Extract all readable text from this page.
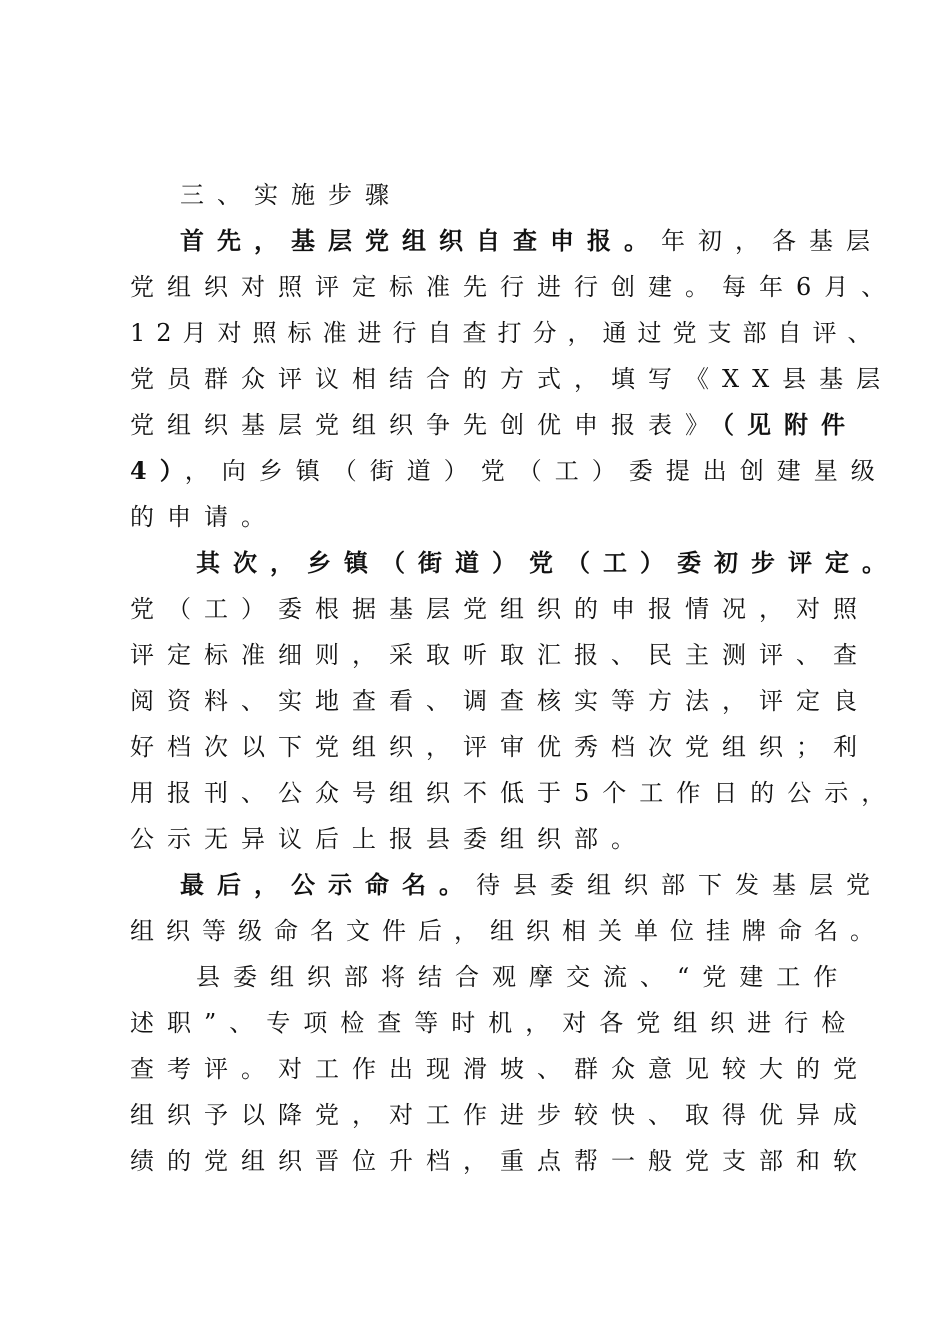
三、实施步骤
首先，基层党组织自查申报。年初，各基层
党组织对照评定标准先行进行创建。每年6月、
12月对照标准进行自查打分，通过党支部自评、
党员群众评议相结合的方式，填写《XX县基层
党组织基层党组织争先创优申报表》（见附件
4），向乡镇（街道）党（工）委提出创建星级
的申请。
其次，乡镇（街道）党（工）委初步评定。
党（工）委根据基层党组织的申报情况，对照
评定标准细则，采取听取汇报、民主测评、查
阅资料、实地查看、调查核实等方法，评定良
好档次以下党组织，评审优秀档次党组织；利
用报刊、公众号组织不低于5个工作日的公示，
公示无异议后上报县委组织部。
最后，公示命名。待县委组织部下发基层党
组织等级命名文件后，组织相关单位挂牌命名。
县委组织部将结合观摩交流、“党建工作
述职”、专项检查等时机，对各党组织进行检
查考评。对工作出现滑坡、群众意见较大的党
组织予以降党，对工作进步较快、取得优异成
绩的党组织晋位升档，重点帮一般党支部和软
